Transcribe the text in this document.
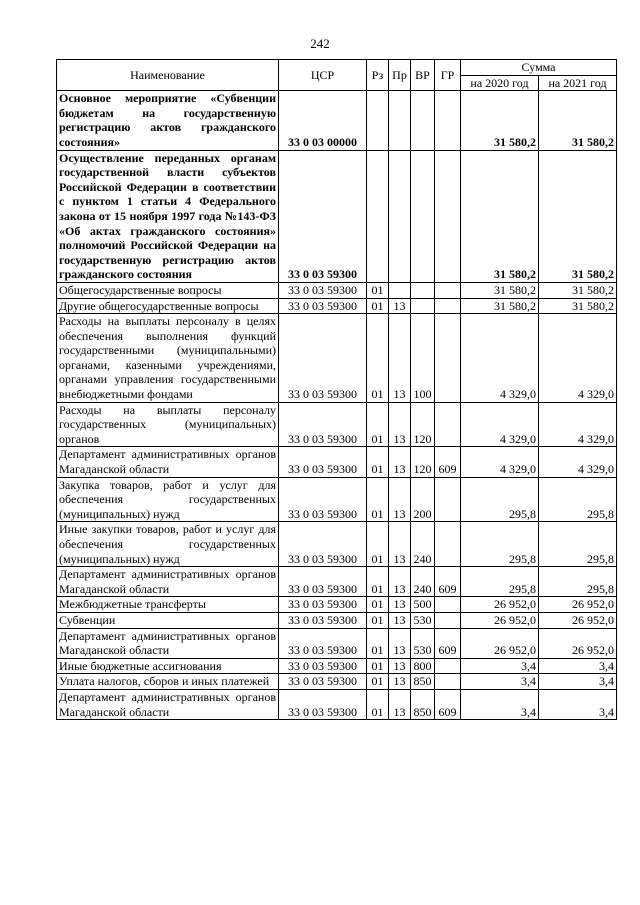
242
Наименование	ЦСР	Рз	Пр	ВР	ГР	Сумма	
						на 2020 год	на 2021 год
Основное мероприятие «Субвенции бюджетам на государственную регистрацию актов гражданского состояния»	33 0 03 00000					31 580,2	31 580,2
Осуществление переданных органам государственной власти субъектов Российской Федерации в соответствии с пунктом 1 статьи 4 Федерального закона от 15 ноября 1997 года №143-ФЗ «Об актах гражданского состояния» полномочий Российской Федерации на государственную регистрацию актов гражданского состояния	33 0 03 59300					31 580,2	31 580,2
Общегосударственные вопросы	33 0 03 59300	01				31 580,2	31 580,2
Другие общегосударственные вопросы	33 0 03 59300	01	13			31 580,2	31 580,2
Расходы на выплаты персоналу в целях обеспечения выполнения функций государственными (муниципальными) органами, казенными учреждениями, органами управления государственными внебюджетными фондами	33 0 03 59300	01	13	100		4 329,0	4 329,0
Расходы на выплаты персоналу государственных (муниципальных) органов	33 0 03 59300	01	13	120		4 329,0	4 329,0
Департамент административных органов Магаданской области	33 0 03 59300	01	13	120	609	4 329,0	4 329,0
Закупка товаров, работ и услуг для обеспечения государственных (муниципальных) нужд	33 0 03 59300	01	13	200		295,8	295,8
Иные закупки товаров, работ и услуг для обеспечения государственных (муниципальных) нужд	33 0 03 59300	01	13	240		295,8	295,8
Департамент административных органов Магаданской области	33 0 03 59300	01	13	240	609	295,8	295,8
Межбюджетные трансферты	33 0 03 59300	01	13	500		26 952,0	26 952,0
Субвенции	33 0 03 59300	01	13	530		26 952,0	26 952,0
Департамент административных органов Магаданской области	33 0 03 59300	01	13	530	609	26 952,0	26 952,0
Иные бюджетные ассигнования	33 0 03 59300	01	13	800		3,4	3,4
Уплата налогов, сборов и иных платежей	33 0 03 59300	01	13	850		3,4	3,4
Департамент административных органов Магаданской области	33 0 03 59300	01	13	850	609	3,4	3,4
